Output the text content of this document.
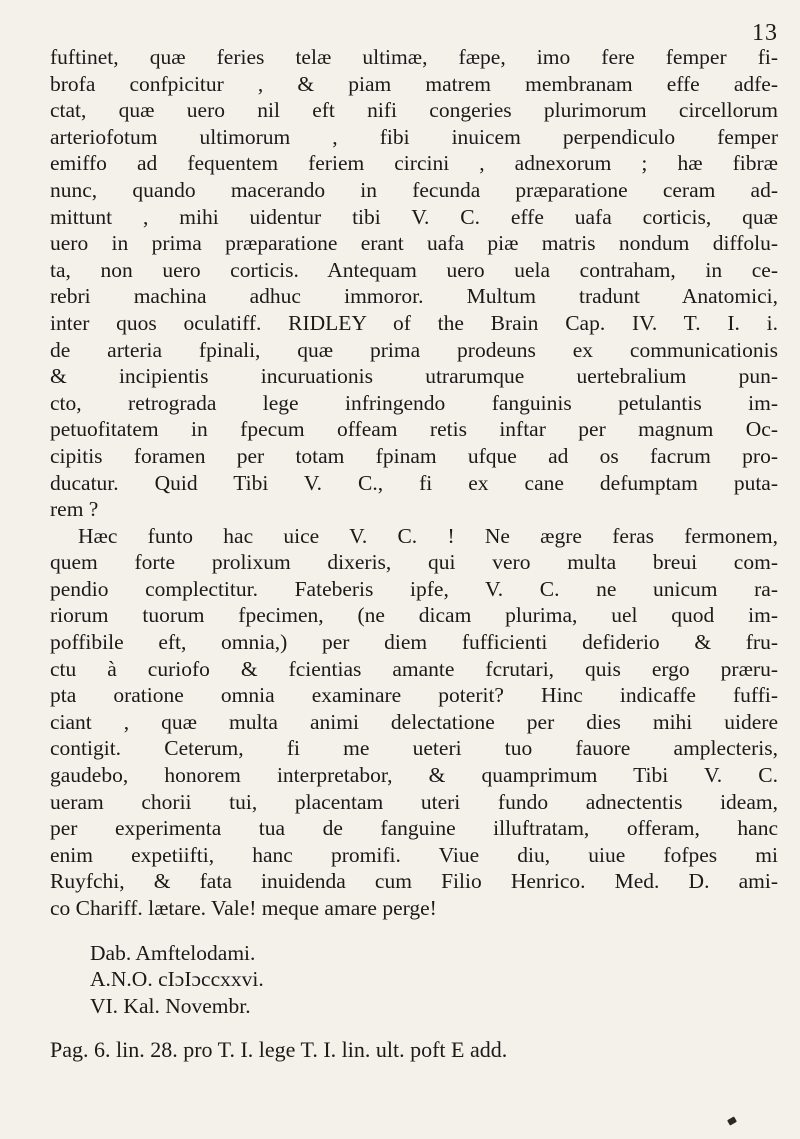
13
fuftinet, quæ feries telæ ultimæ, fæpe, imo fere femper fi-
brofa confpicitur , & piam matrem membranam effe adfe-
ctat, quæ uero nil eft nifi congeries plurimorum circellorum
arteriofotum ultimorum , fibi inuicem perpendiculo femper
emiffo ad fequentem feriem circini , adnexorum ; hæ fibræ
nunc, quando macerando in fecunda præparatione ceram ad-
mittunt , mihi uidentur tibi V. C. effe uafa corticis, quæ
uero in prima præparatione erant uafa piæ matris nondum diffolu-
ta, non uero corticis. Antequam uero uela contraham, in ce-
rebri machina adhuc immoror. Multum tradunt Anatomici,
inter quos oculatiff. RIDLEY of the Brain Cap. IV. T. I. i.
de arteria fpinali, quæ prima prodeuns ex communicationis
& incipientis incuruationis utrarumque uertebralium pun-
cto, retrograda lege infringendo fanguinis petulantis im-
petuofitatem in fpecum offeam retis inftar per magnum Oc-
cipitis foramen per totam fpinam ufque ad os facrum pro-
ducatur. Quid Tibi V. C., fi ex cane defumptam puta-
rem ?
Hæc funto hac uice V. C. ! Ne ægre feras fermonem,
quem forte prolixum dixeris, qui vero multa breui com-
pendio complectitur. Fateberis ipfe, V. C. ne unicum ra-
riorum tuorum fpecimen, (ne dicam plurima, uel quod im-
poffibile eft, omnia,) per diem fufficienti defiderio & fru-
ctu à curiofo & fcientias amante fcrutari, quis ergo præru-
pta oratione omnia examinare poterit? Hinc indicaffe fuffi-
ciant , quæ multa animi delectatione per dies mihi uidere
contigit. Ceterum, fi me ueteri tuo fauore amplecteris,
gaudebo, honorem interpretabor, & quamprimum Tibi V. C.
ueram chorii tui, placentam uteri fundo adnectentis ideam,
per experimenta tua de fanguine illuftratam, offeram, hanc
enim expetiifti, hanc promifi. Viue diu, uiue fofpes mi
Ruyfchi, & fata inuidenda cum Filio Henrico. Med. D. ami-
co Chariff. lætare. Vale! meque amare perge!
Dab. Amftelodami.
A.N.O. cIɔIɔccxxvi.
VI. Kal. Novembr.
Pag. 6. lin. 28. pro T. I. lege T. I. lin. ult. poft E add.
